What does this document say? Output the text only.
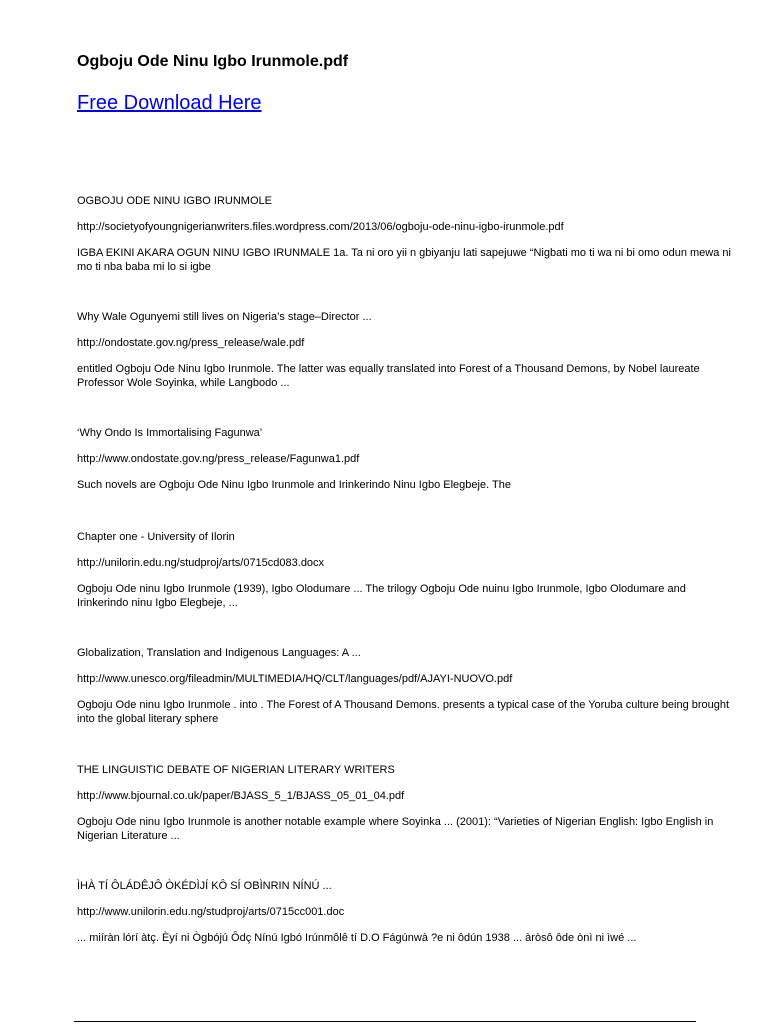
Ogboju Ode Ninu Igbo Irunmole.pdf
Free Download Here

OGBOJU ODE NINU IGBO IRUNMOLE

http://societyofyoungnigerianwriters.files.wordpress.com/2013/06/ogboju-ode-ninu-igbo-irunmole.pdf

IGBA EKINI AKARA OGUN NINU IGBO IRUNMALE 1a. Ta ni oro yii n gbiyanju lati sapejuwe “Nigbati mo ti wa ni bi omo odun mewa ni mo ti nba baba mi lo si igbe

Why Wale Ogunyemi still lives on Nigeria’s stage–Director ...

http://ondostate.gov.ng/press_release/wale.pdf

entitled Ogboju Ode Ninu Igbo Irunmole. The latter was equally translated into Forest of a Thousand Demons, by Nobel laureate Professor Wole Soyinka, while Langbodo ...

‘Why Ondo Is Immortalising Fagunwa’

http://www.ondostate.gov.ng/press_release/Fagunwa1.pdf

Such novels are Ogboju Ode Ninu Igbo Irunmole and Irinkerindo Ninu Igbo Elegbeje. The

Chapter one - University of Ilorin

http://unilorin.edu.ng/studproj/arts/0715cd083.docx

Ogboju Ode ninu Igbo Irunmole (1939), Igbo Olodumare ... The trilogy Ogboju Ode nuinu Igbo Irunmole, Igbo Olodumare and Irinkerindo ninu Igbo Elegbeje, ...

Globalization, Translation and Indigenous Languages: A ...

http://www.unesco.org/fileadmin/MULTIMEDIA/HQ/CLT/languages/pdf/AJAYI-NUOVO.pdf

Ogboju Ode ninu Igbo Irunmole . into . The Forest of A Thousand Demons. presents a typical case of the Yoruba culture being brought into the global literary sphere

THE LINGUISTIC DEBATE OF NIGERIAN LITERARY WRITERS

http://www.bjournal.co.uk/paper/BJASS_5_1/BJASS_05_01_04.pdf

Ogboju Ode ninu Igbo Irunmole is another notable example where Soyinka ... (2001): “Varieties of Nigerian English: Igbo English in Nigerian Literature ...

ÌHÀ TÍ ÔLÁDÊJÔ ÒKÉDÌJÍ KÔ SÍ OBÌNRIN NÍNÚ ...

http://www.unilorin.edu.ng/studproj/arts/0715cc001.doc

... miíràn lórí àtç. Èyí ni Ògbójú Ôdç Nínú Igbó Irúnmôlê tí D.O Fágúnwà ?e ni ôdún 1938 ... àròsô ôde ònì ni ìwé ...
